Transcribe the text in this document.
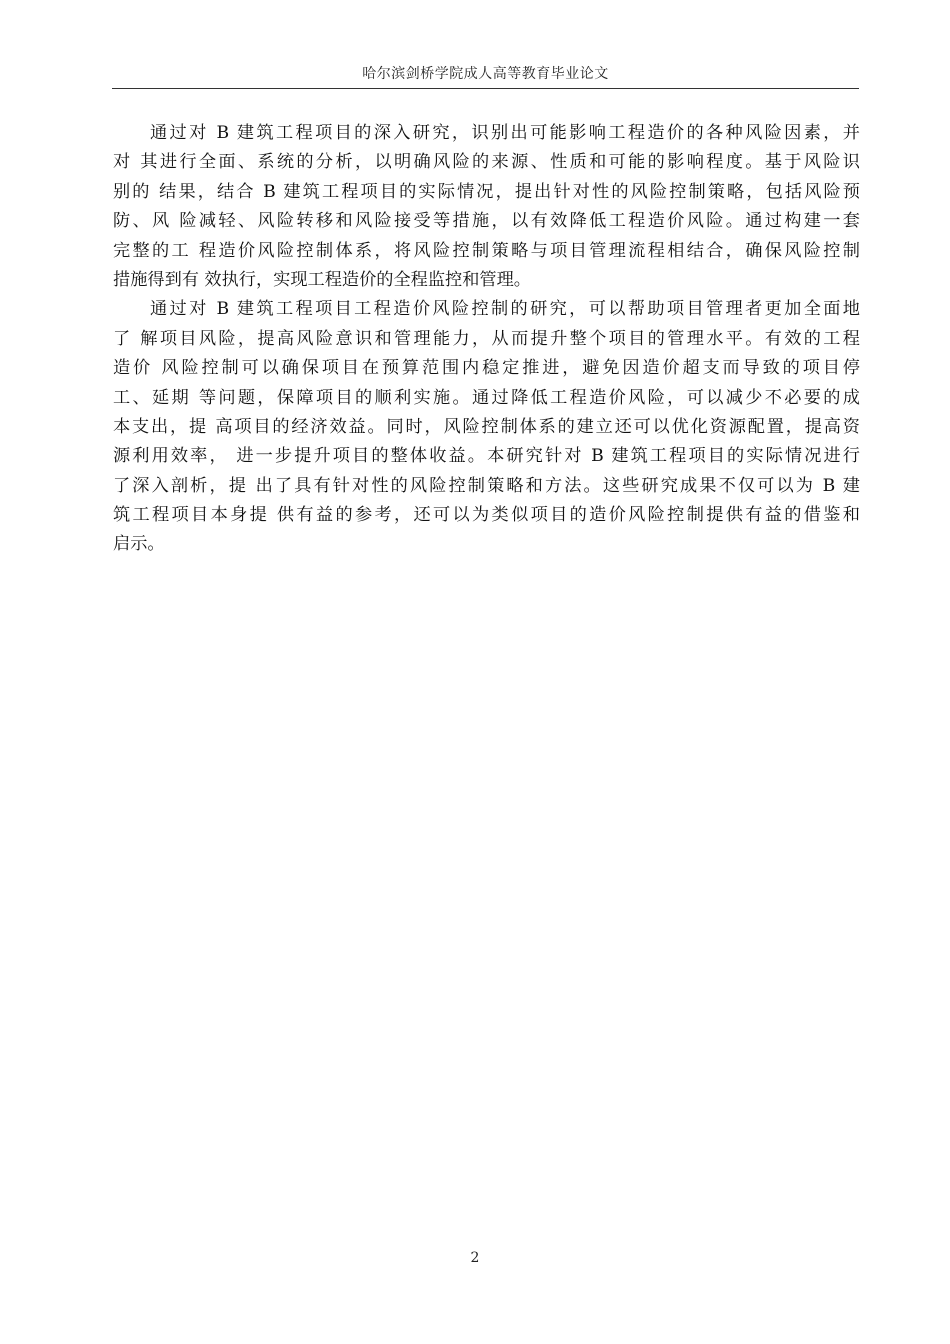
哈尔滨剑桥学院成人高等教育毕业论文
通过对 B 建筑工程项目的深入研究，识别出可能影响工程造价的各种风险因素，并
对 其进行全面、系统的分析，以明确风险的来源、性质和可能的影响程度。基于风险识
别的 结果，结合 B 建筑工程项目的实际情况，提出针对性的风险控制策略，包括风险预
防、风 险减轻、风险转移和风险接受等措施，以有效降低工程造价风险。通过构建一套
完整的工 程造价风险控制体系，将风险控制策略与项目管理流程相结合，确保风险控制
措施得到有 效执行，实现工程造价的全程监控和管理。
通过对 B 建筑工程项目工程造价风险控制的研究，可以帮助项目管理者更加全面地
了 解项目风险，提高风险意识和管理能力，从而提升整个项目的管理水平。有效的工程
造价 风险控制可以确保项目在预算范围内稳定推进，避免因造价超支而导致的项目停
工、延期 等问题，保障项目的顺利实施。通过降低工程造价风险，可以减少不必要的成
本支出，提 高项目的经济效益。同时，风险控制体系的建立还可以优化资源配置，提高资
源利用效率， 进一步提升项目的整体收益。本研究针对 B 建筑工程项目的实际情况进行
了深入剖析，提 出了具有针对性的风险控制策略和方法。这些研究成果不仅可以为 B 建
筑工程项目本身提 供有益的参考，还可以为类似项目的造价风险控制提供有益的借鉴和
启示。
2
